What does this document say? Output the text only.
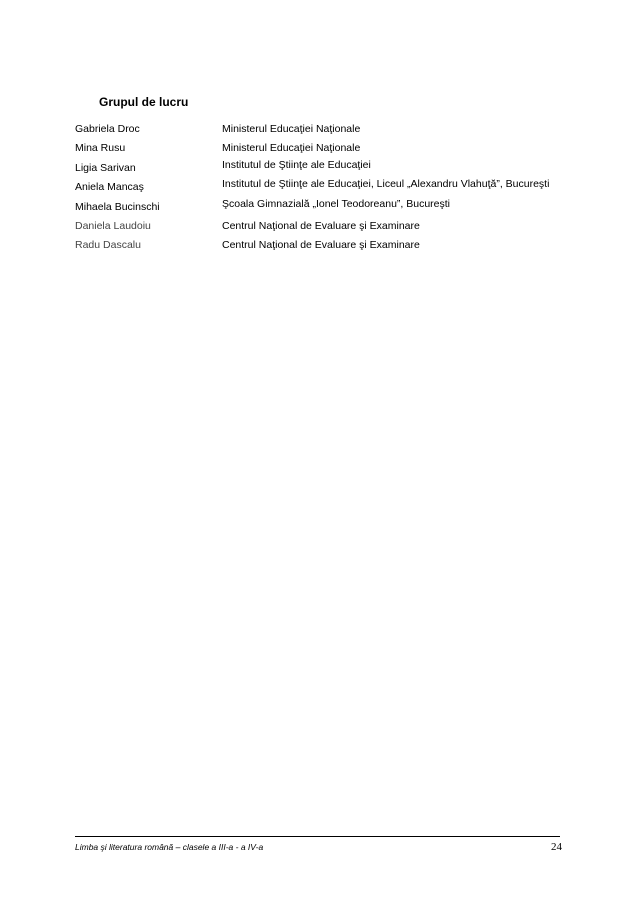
Grupul de lucru
Gabriela Droc	Ministerul Educaţiei Naţionale
Mina Rusu	Ministerul Educaţiei Naţionale
Ligia Sarivan	Institutul de Ştiinţe ale Educaţiei
Aniela Mancaş	Institutul de Ştiinţe ale Educaţiei, Liceul „Alexandru Vlahuţă”, Bucureşti
Mihaela Bucinschi	Şcoala Gimnazială „Ionel Teodoreanu”, Bucureşti
Daniela Laudoiu	Centrul Naţional de Evaluare şi Examinare
Radu Dascalu	Centrul Naţional de Evaluare şi Examinare
Limba şi literatura română – clasele a III-a - a IV-a	24
